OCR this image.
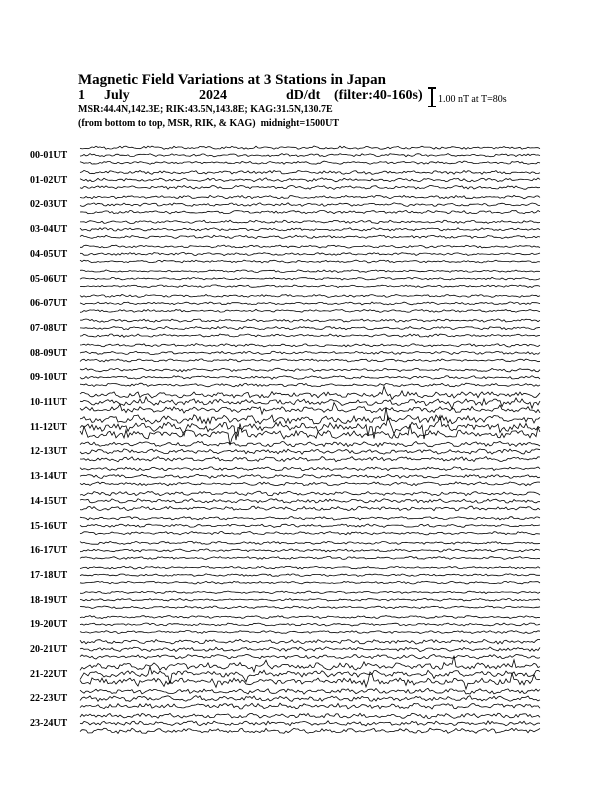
Magnetic Field Variations at 3 Stations in Japan
1 July	2024	dD/dt (filter:40-160s)
MSR:44.4N,142.3E; RIK:43.5N,143.8E; KAG:31.5N,130.7E
(from bottom to top, MSR, RIK, & KAG) midnight=1500UT
1.00 nT at T=80s
00-01UT
01-02UT
02-03UT
03-04UT
04-05UT
05-06UT
06-07UT
07-08UT
08-09UT
09-10UT
10-11UT
11-12UT
12-13UT
13-14UT
14-15UT
15-16UT
16-17UT
17-18UT
18-19UT
19-20UT
20-21UT
21-22UT
22-23UT
23-24UT
